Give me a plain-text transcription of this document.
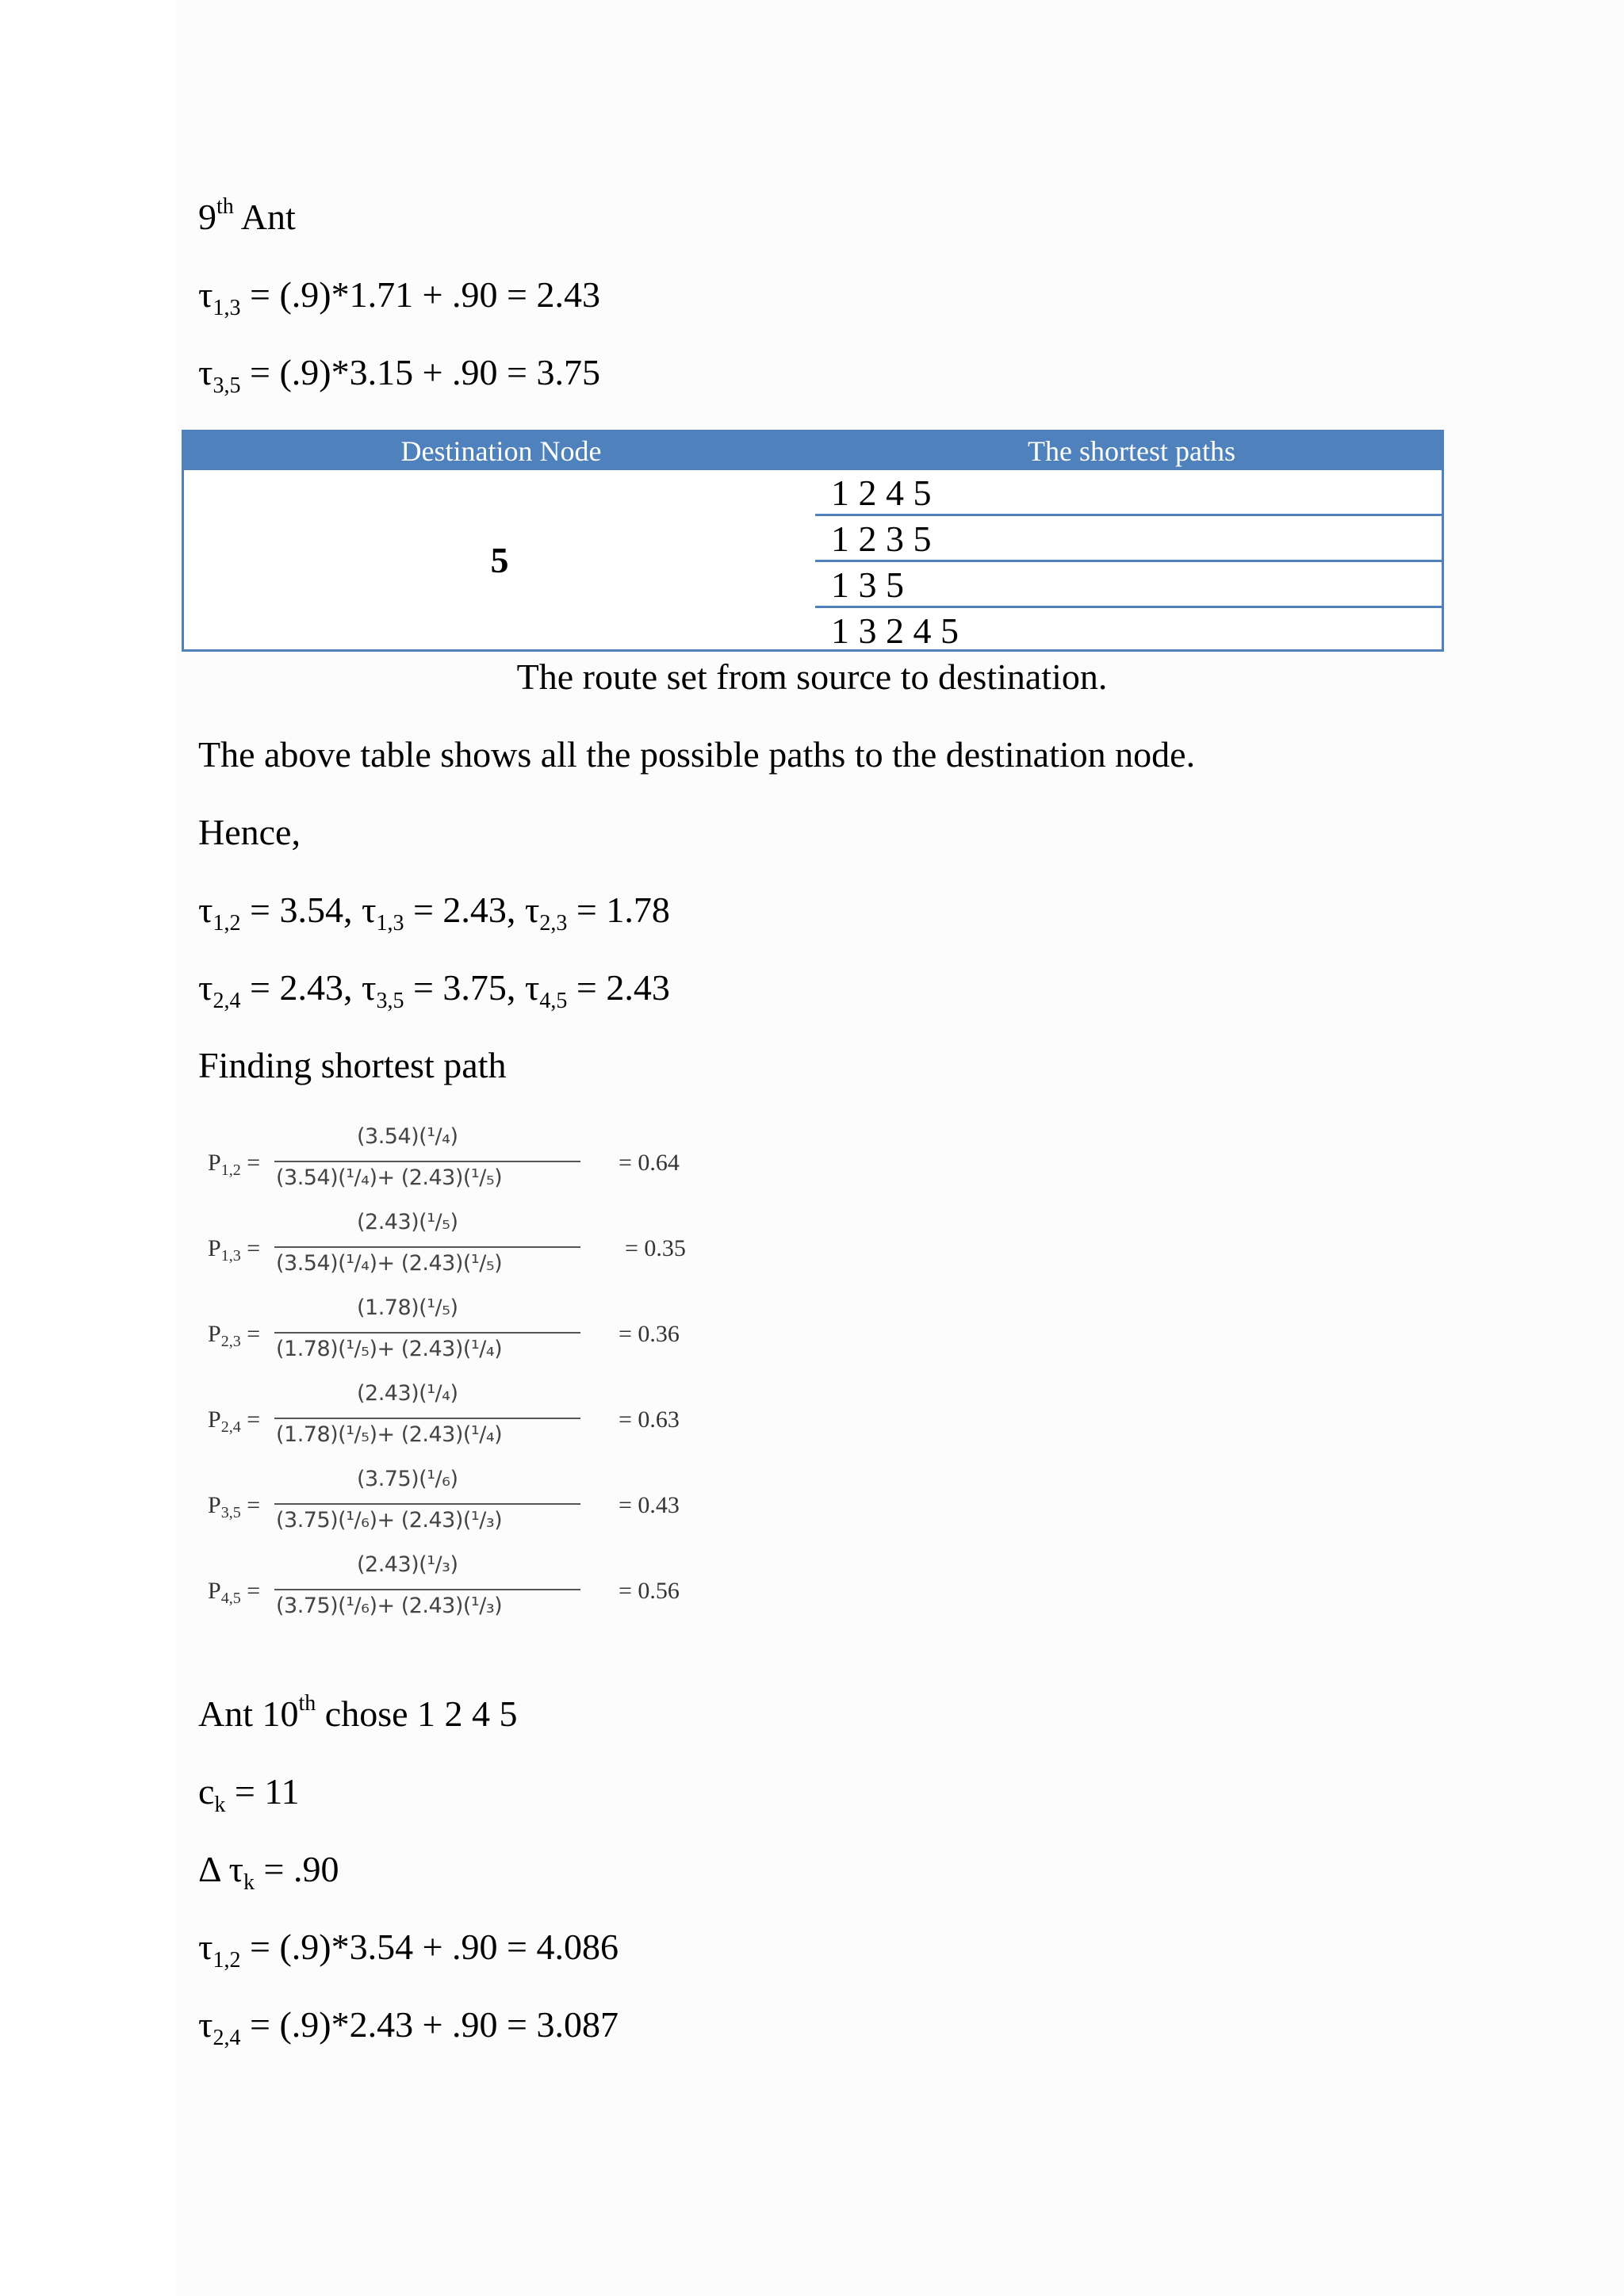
9th Ant
$\tau_{1,3} = (.9)*1.71 + .90 = 2.43$
$\tau_{3,5} = (.9)*3.15 + .90 = 3.75$
Destination Node	The shortest paths
5
1 2 4 5
1 2 3 5
1 3 5
1 3 2 4 5
The route set from source to destination.
The above table shows all the possible paths to the destination node.
Hence,
$\tau_{1,2} = 3.54$, $\tau_{1,3} = 2.43$, $\tau_{2,3} = 1.78$
$\tau_{2,4} = 2.43$, $\tau_{3,5} = 3.75$, $\tau_{4,5} = 2.43$
Finding shortest path
$P_{1,2}$ =
(3.54)(¹/₄)
(3.54)(¹/₄)+ (2.43)(¹/₅)
= 0.64
$P_{1,3}$ =
(2.43)(¹/₅)
(3.54)(¹/₄)+ (2.43)(¹/₅)
= 0.35
$P_{2,3}$ =
(1.78)(¹/₅)
(1.78)(¹/₅)+ (2.43)(¹/₄)
= 0.36
$P_{2,4}$ =
(2.43)(¹/₄)
(1.78)(¹/₅)+ (2.43)(¹/₄)
= 0.63
$P_{3,5}$ =
(3.75)(¹/₆)
(3.75)(¹/₆)+ (2.43)(¹/₃)
= 0.43
$P_{4,5}$ =
(2.43)(¹/₃)
(3.75)(¹/₆)+ (2.43)(¹/₃)
= 0.56
Ant 10th chose 1 2 4 5
$c_k = 11$
Δ $\tau_k = .90$
$\tau_{1,2} = (.9)*3.54 + .90 = 4.086$
$\tau_{2,4} = (.9)*2.43 + .90 = 3.087$
